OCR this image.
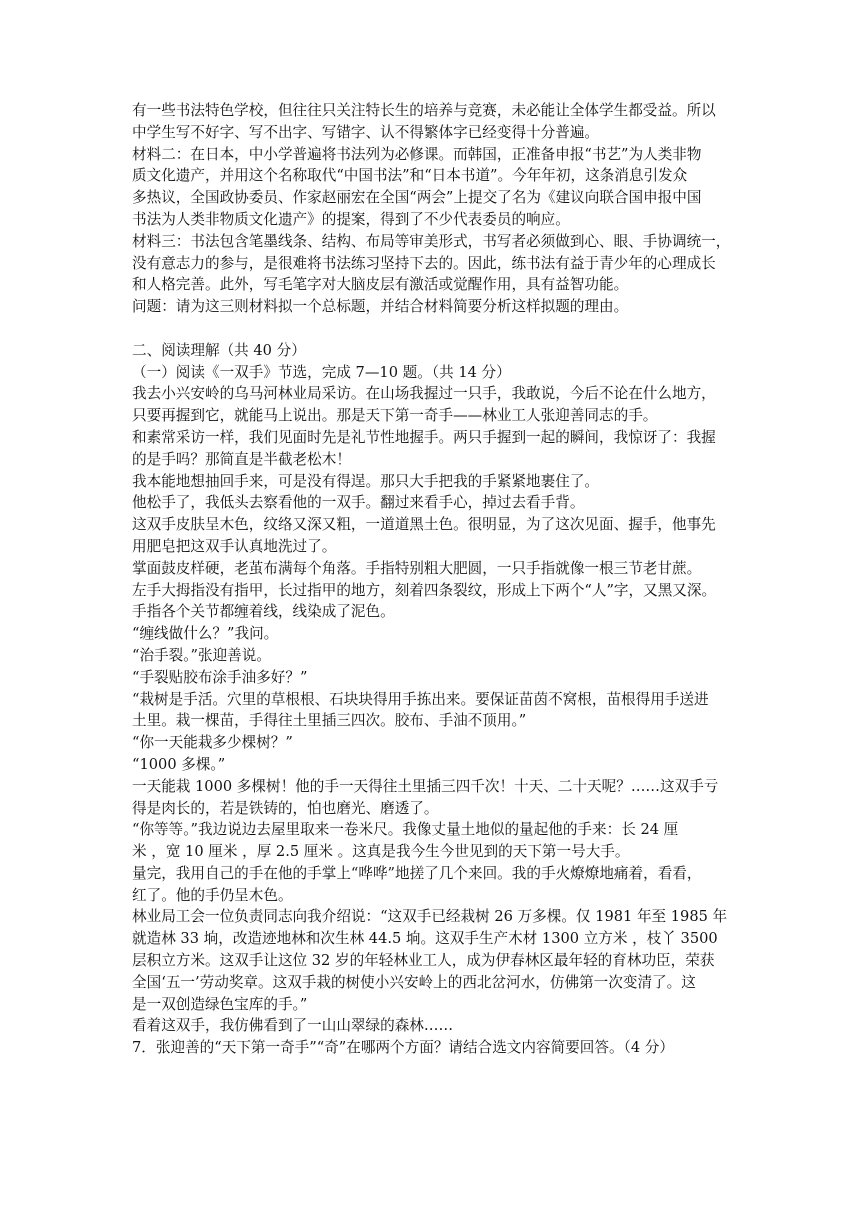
有一些书法特色学校，但往往只关注特长生的培养与竞赛，未必能让全体学生都受益。所以
中学生写不好字、写不出字、写错字、认不得繁体字已经变得十分普遍。
材料二：在日本，中小学普遍将书法列为必修课。而韩国，正准备申报“书艺”为人类非物
质文化遗产，并用这个名称取代“中国书法”和“日本书道”。今年年初，这条消息引发众
多热议，全国政协委员、作家赵丽宏在全国“两会”上提交了名为《建议向联合国申报中国
书法为人类非物质文化遗产》的提案，得到了不少代表委员的响应。
材料三：书法包含笔墨线条、结构、布局等审美形式，书写者必须做到心、眼、手协调统一，
没有意志力的参与，是很难将书法练习坚持下去的。因此，练书法有益于青少年的心理成长
和人格完善。此外，写毛笔字对大脑皮层有激活或觉醒作用，具有益智功能。
问题：请为这三则材料拟一个总标题，并结合材料简要分析这样拟题的理由。
二、阅读理解（共 40 分）
（一）阅读《一双手》节选，完成 7—10 题。（共 14 分）
我去小兴安岭的乌马河林业局采访。在山场我握过一只手，我敢说，今后不论在什么地方，
只要再握到它，就能马上说出。那是天下第一奇手——林业工人张迎善同志的手。
和素常采访一样，我们见面时先是礼节性地握手。两只手握到一起的瞬间，我惊讶了：我握
的是手吗？那简直是半截老松木！
我本能地想抽回手来，可是没有得逞。那只大手把我的手紧紧地裹住了。
他松手了，我低头去察看他的一双手。翻过来看手心，掉过去看手背。
这双手皮肤呈木色，纹络又深又粗，一道道黑土色。很明显，为了这次见面、握手，他事先
用肥皂把这双手认真地洗过了。
掌面鼓皮样硬，老茧布满每个角落。手指特别粗大肥圆，一只手指就像一根三节老甘蔗。
左手大拇指没有指甲，长过指甲的地方，刻着四条裂纹，形成上下两个“人”字，又黑又深。
手指各个关节都缠着线，线染成了泥色。
“缠线做什么？”我问。
“治手裂。”张迎善说。
“手裂贴胶布涂手油多好？”
“栽树是手活。穴里的草根根、石块块得用手拣出来。要保证苗茵不窝根，苗根得用手送进
土里。栽一棵苗，手得往土里插三四次。胶布、手油不顶用。”
“你一天能栽多少棵树？”
“1000 多棵。”
一天能栽 1000 多棵树！他的手一天得往土里插三四千次！十天、二十天呢？……这双手亏
得是肉长的，若是铁铸的，怕也磨光、磨透了。
“你等等。”我边说边去屋里取来一卷米尺。我像丈量土地似的量起他的手来：长 24 厘
米 ，宽 10 厘米 ，厚 2.5 厘米 。这真是我今生今世见到的天下第一号大手。
量完，我用自己的手在他的手掌上“哗哗”地搓了几个来回。我的手火燎燎地痛着，看看，
红了。他的手仍呈木色。
林业局工会一位负责同志向我介绍说：“这双手已经栽树 26 万多棵。仅 1981 年至 1985 年
就造林 33 垧，改造迹地林和次生林 44.5 垧。这双手生产木材 1300 立方米 ，枝丫 3500
层积立方米。这双手让这位 32 岁的年轻林业工人，成为伊春林区最年轻的育林功臣，荣获
全国‘五一’劳动奖章。这双手栽的树使小兴安岭上的西北岔河水，仿佛第一次变清了。这
是一双创造绿色宝库的手。”
看着这双手，我仿佛看到了一山山翠绿的森林……
7．张迎善的“天下第一奇手”“奇”在哪两个方面？请结合选文内容简要回答。（4 分）
